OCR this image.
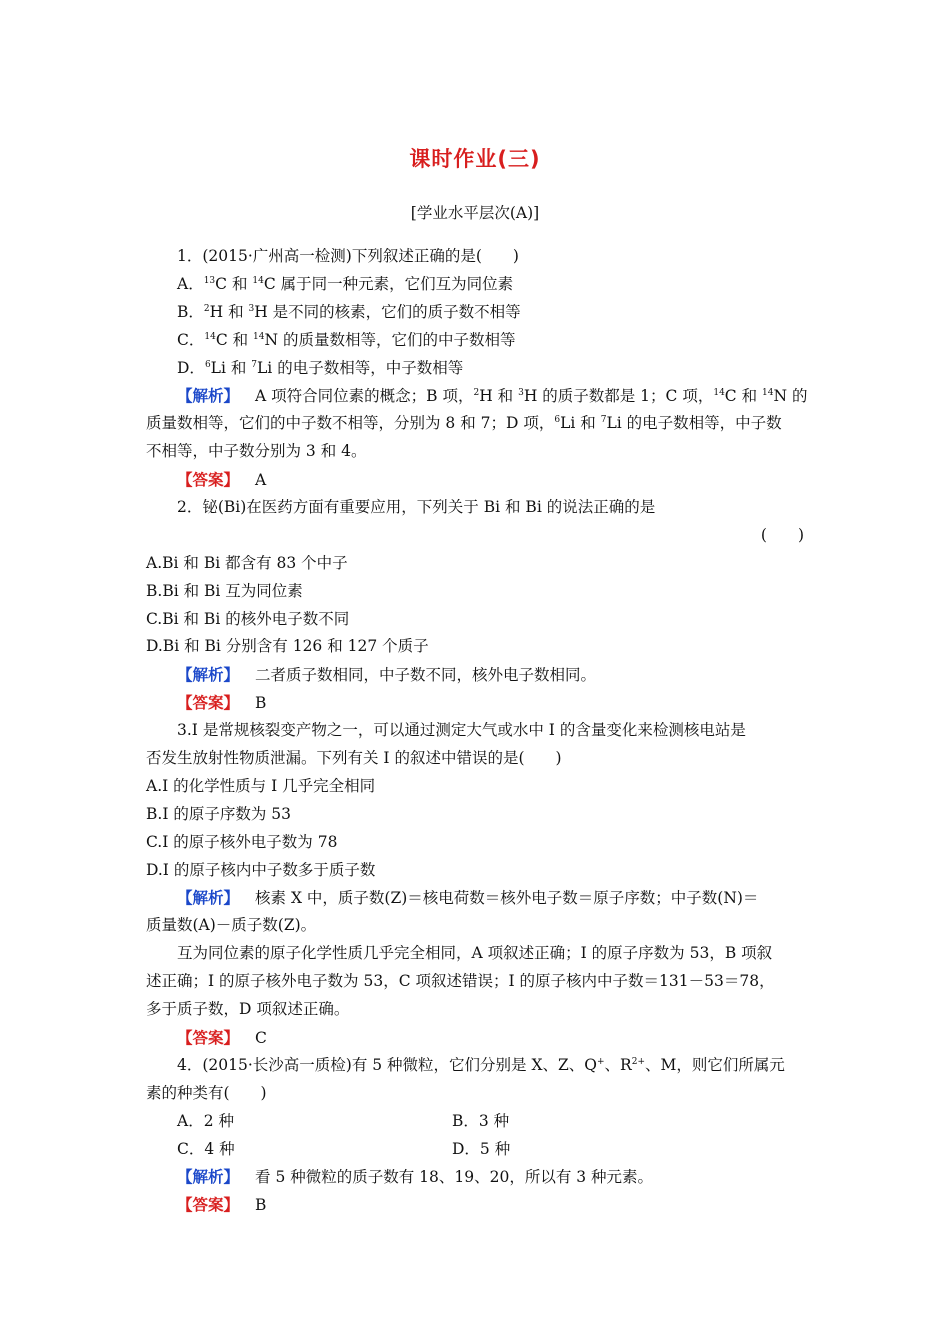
课时作业(三)
[学业水平层次(A)]
1．(2015·广州高一检测)下列叙述正确的是(　　)
A．$^{13}$C 和 $^{14}$C 属于同一种元素，它们互为同位素
B．$^2$H 和 $^3$H 是不同的核素，它们的质子数不相等
C．$^{14}$C 和 $^{14}$N 的质量数相等，它们的中子数相等
D．$^6$Li 和 $^7$Li 的电子数相等，中子数相等
【解析】 A 项符合同位素的概念；B 项，$^2$H 和 $^3$H 的质子数都是 1；C 项，$^{14}$C 和 $^{14}$N 的
质量数相等，它们的中子数不相等，分别为 8 和 7；D 项，$^6$Li 和 $^7$Li 的电子数相等，中子数
不相等，中子数分别为 3 和 4。
【答案】 A
2．铋(Bi)在医药方面有重要应用，下列关于 Bi 和 Bi 的说法正确的是
(　　)
A.Bi 和 Bi 都含有 83 个中子
B.Bi 和 Bi 互为同位素
C.Bi 和 Bi 的核外电子数不同
D.Bi 和 Bi 分别含有 126 和 127 个质子
【解析】 二者质子数相同，中子数不同，核外电子数相同。
【答案】 B
3.I 是常规核裂变产物之一，可以通过测定大气或水中 I 的含量变化来检测核电站是
否发生放射性物质泄漏。下列有关 I 的叙述中错误的是(　　)
A.I 的化学性质与 I 几乎完全相同
B.I 的原子序数为 53
C.I 的原子核外电子数为 78
D.I 的原子核内中子数多于质子数
【解析】 核素 X 中，质子数(Z)＝核电荷数＝核外电子数＝原子序数；中子数(N)＝
质量数(A)－质子数(Z)。
互为同位素的原子化学性质几乎完全相同，A 项叙述正确；I 的原子序数为 53，B 项叙
述正确；I 的原子核外电子数为 53，C 项叙述错误；I 的原子核内中子数＝131－53＝78，
多于质子数，D 项叙述正确。
【答案】 C
4．(2015·长沙高一质检)有 5 种微粒，它们分别是 X、Z、Q+、$R^{2+}$、M，则它们所属元
素的种类有(　　)
A．2 种	B．3 种
C．4 种	D．5 种
【解析】 看 5 种微粒的质子数有 18、19、20，所以有 3 种元素。
【答案】 B
